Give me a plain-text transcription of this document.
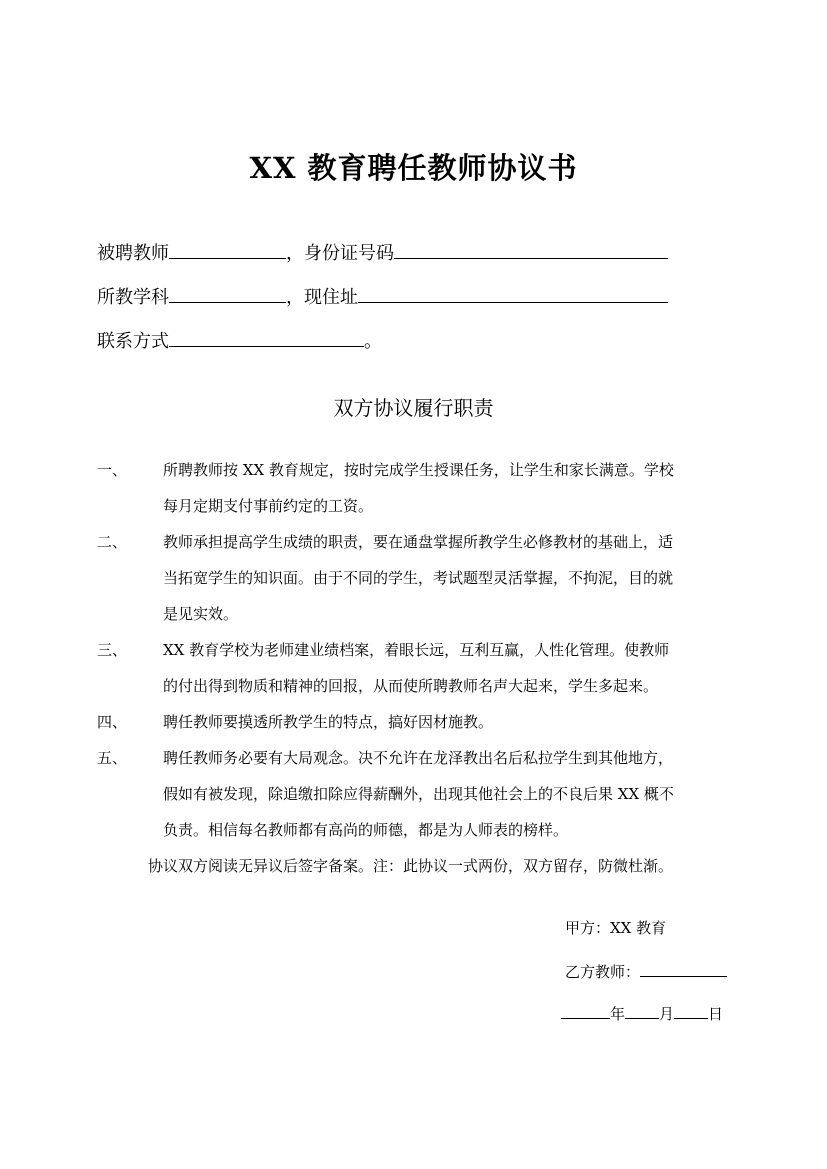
XX 教育聘任教师协议书
被聘教师	，身份证号码
所教学科	，现住址
联系方式	。
双方协议履行职责
一、 所聘教师按 XX 教育规定，按时完成学生授课任务，让学生和家长满意。学校
每月定期支付事前约定的工资。
二、 教师承担提高学生成绩的职责，要在通盘掌握所教学生必修教材的基础上，适
当拓宽学生的知识面。由于不同的学生，考试题型灵活掌握，不拘泥，目的就
是见实效。
三、 XX 教育学校为老师建业绩档案，着眼长远，互利互赢，人性化管理。使教师
的付出得到物质和精神的回报，从而使所聘教师名声大起来，学生多起来。
四、 聘任教师要摸透所教学生的特点，搞好因材施教。
五、 聘任教师务必要有大局观念。决不允许在龙泽教出名后私拉学生到其他地方，
假如有被发现，除追缴扣除应得薪酬外，出现其他社会上的不良后果 XX 概不
负责。相信每名教师都有高尚的师德，都是为人师表的榜样。
协议双方阅读无异议后签字备案。注：此协议一式两份，双方留存，防微杜渐。
甲方：XX 教育
乙方教师：
年 月 日
